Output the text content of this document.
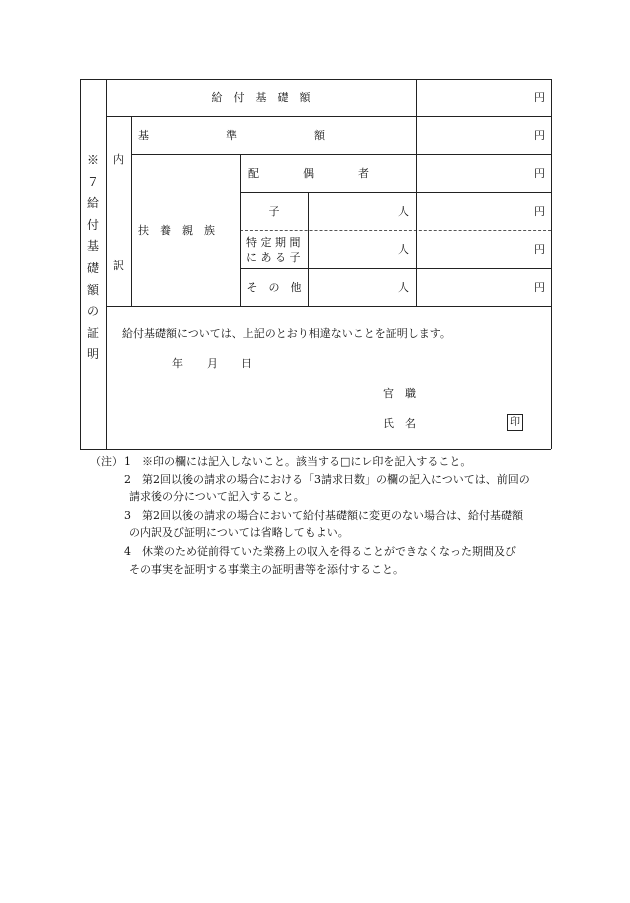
※７給付基礎額の証明
給　付　基　礎　額	円
内
訳
基　　　　　　　準　　　　　　　額	円
扶　養　親　族
配　　　　偶　　　　者	円
子	人	円
特 定 期 間
に あ る 子
人	円
そ　の　他	人	円
給付基礎額については、上記のとおり相違ないことを証明します。
年 月 日
官　職
氏　名	印
（注） 1 ※印の欄には記入しないこと。該当する□にレ印を記入すること。
2 第2回以後の請求の場合における「3請求日数」の欄の記入については、前回の
請求後の分について記入すること。
3 第2回以後の請求の場合において給付基礎額に変更のない場合は、給付基礎額
の内訳及び証明については省略してもよい。
4 休業のため従前得ていた業務上の収入を得ることができなくなった期間及び
その事実を証明する事業主の証明書等を添付すること。
